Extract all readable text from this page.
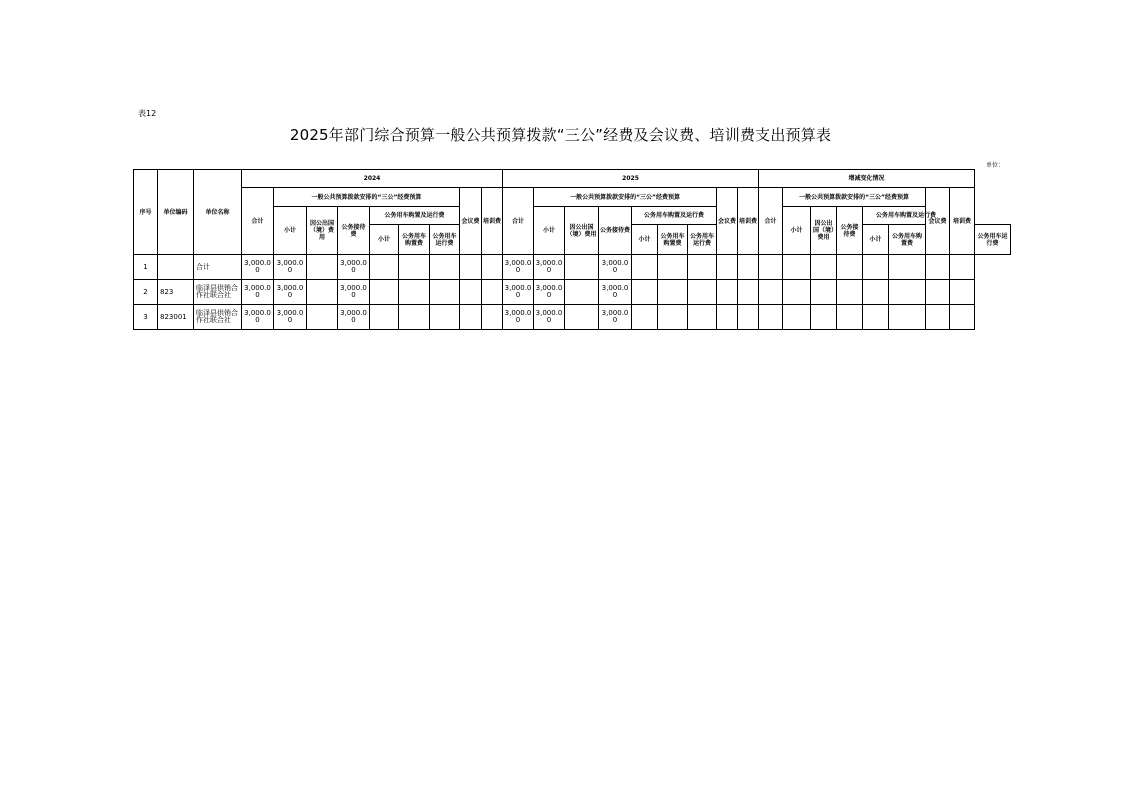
表12
2025年部门综合预算一般公共预算拨款“三公”经费及会议费、培训费支出预算表
单位：
序号	单位编码	单位名称	2024									2025									增减变化情况								
			合计	一般公共预算拨款安排的“三公”经费预算						会议费	培训费	合计	一般公共预算拨款安排的“三公”经费预算						会议费	培训费	合计	一般公共预算拨款安排的“三公”经费预算					会议费	培训费	
				小计	因公出国（境）费用	公务接待费	公务用车购置及运行费						小计	因公出国（境）费用	公务接待费	公务用车购置及运行费						小计	因公出国（境）费用	公务接待费	公务用车购置及运行费				
							小计	公务用车购置费	公务用车运行费							小计	公务用车购置费	公务用车运行费							小计	公务用车购置费			公务用车运行费
1		合计	3,000.00	3,000.00		3,000.00						3,000.00	3,000.00		3,000.00														
2	823	临泽县供销合作社联合社	3,000.00	3,000.00		3,000.00						3,000.00	3,000.00		3,000.00														
3	823001	临泽县供销合作社联合社	3,000.00	3,000.00		3,000.00						3,000.00	3,000.00		3,000.00														
